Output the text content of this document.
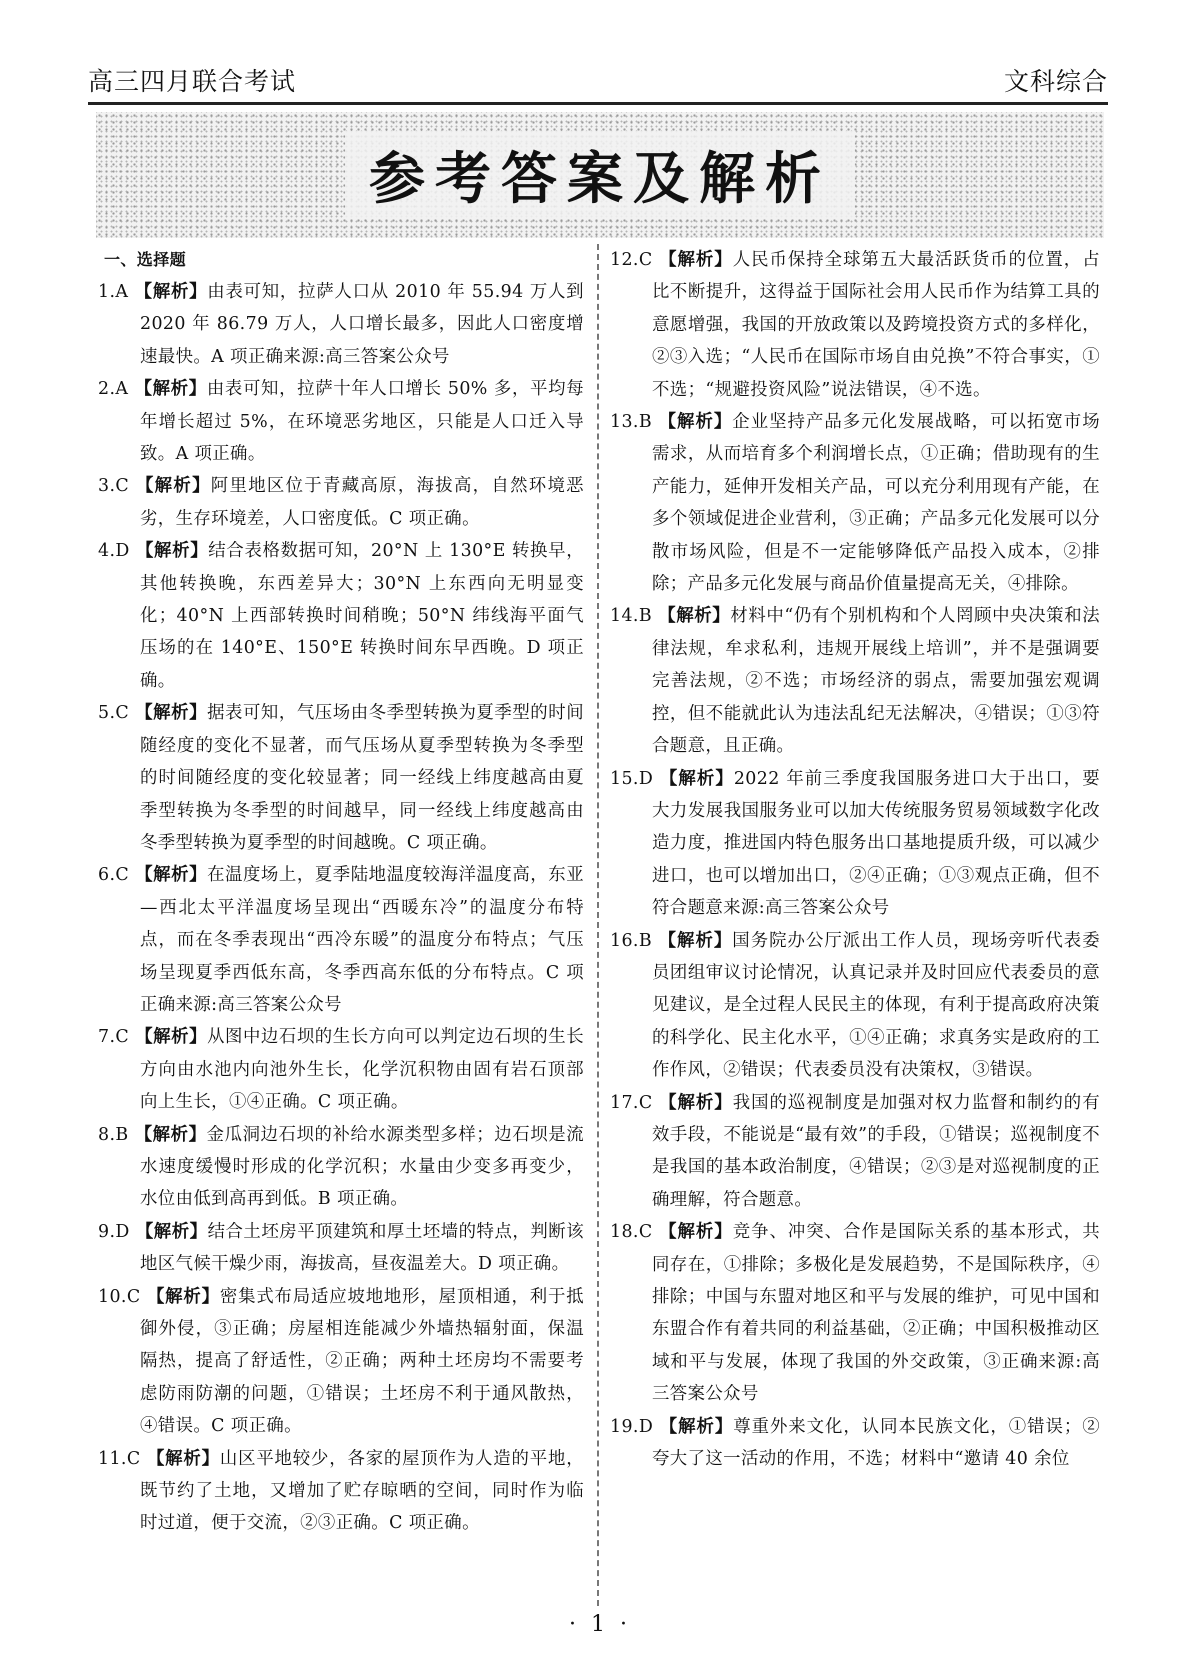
高三四月联合考试	文科综合
参考答案及解析
一、选择题

1.A 【解析】由表可知，拉萨人口从 2010 年 55.94 万人到 2020 年 86.79 万人，人口增长最多，因此人口密度增速最快。A 项正确来源:高三答案公众号

2.A 【解析】由表可知，拉萨十年人口增长 50% 多，平均每年增长超过 5%，在环境恶劣地区，只能是人口迁入导致。A 项正确。

3.C 【解析】阿里地区位于青藏高原，海拔高，自然环境恶劣，生存环境差，人口密度低。C 项正确。

4.D 【解析】结合表格数据可知，20°N 上 130°E 转换早，其他转换晚，东西差异大；30°N 上东西向无明显变化；40°N 上西部转换时间稍晚；50°N 纬线海平面气压场的在 140°E、150°E 转换时间东早西晚。D 项正确。

5.C 【解析】据表可知，气压场由冬季型转换为夏季型的时间随经度的变化不显著，而气压场从夏季型转换为冬季型的时间随经度的变化较显著；同一经线上纬度越高由夏季型转换为冬季型的时间越早，同一经线上纬度越高由冬季型转换为夏季型的时间越晚。C 项正确。

6.C 【解析】在温度场上，夏季陆地温度较海洋温度高，东亚—西北太平洋温度场呈现出“西暖东冷”的温度分布特点，而在冬季表现出“西冷东暖”的温度分布特点；气压场呈现夏季西低东高，冬季西高东低的分布特点。C 项正确来源:高三答案公众号

7.C 【解析】从图中边石坝的生长方向可以判定边石坝的生长方向由水池内向池外生长，化学沉积物由固有岩石顶部向上生长，①④正确。C 项正确。

8.B 【解析】金瓜洞边石坝的补给水源类型多样；边石坝是流水速度缓慢时形成的化学沉积；水量由少变多再变少，水位由低到高再到低。B 项正确。

9.D 【解析】结合土坯房平顶建筑和厚土坯墙的特点，判断该地区气候干燥少雨，海拔高，昼夜温差大。D 项正确。

10.C 【解析】密集式布局适应坡地地形，屋顶相通，利于抵御外侵，③正确；房屋相连能减少外墙热辐射面，保温隔热，提高了舒适性，②正确；两种土坯房均不需要考虑防雨防潮的问题，①错误；土坯房不利于通风散热，④错误。C 项正确。

11.C 【解析】山区平地较少，各家的屋顶作为人造的平地，既节约了土地，又增加了贮存晾晒的空间，同时作为临时过道，便于交流，②③正确。C 项正确。

12.C 【解析】人民币保持全球第五大最活跃货币的位置，占比不断提升，这得益于国际社会用人民币作为结算工具的意愿增强，我国的开放政策以及跨境投资方式的多样化，②③入选；“人民币在国际市场自由兑换”不符合事实，①不选；“规避投资风险”说法错误，④不选。

13.B 【解析】企业坚持产品多元化发展战略，可以拓宽市场需求，从而培育多个利润增长点，①正确；借助现有的生产能力，延伸开发相关产品，可以充分利用现有产能，在多个领域促进企业营利，③正确；产品多元化发展可以分散市场风险，但是不一定能够降低产品投入成本，②排除；产品多元化发展与商品价值量提高无关，④排除。

14.B 【解析】材料中“仍有个别机构和个人罔顾中央决策和法律法规，牟求私利，违规开展线上培训”，并不是强调要完善法规，②不选；市场经济的弱点，需要加强宏观调控，但不能就此认为违法乱纪无法解决，④错误；①③符合题意，且正确。

15.D 【解析】2022 年前三季度我国服务进口大于出口，要大力发展我国服务业可以加大传统服务贸易领域数字化改造力度，推进国内特色服务出口基地提质升级，可以减少进口，也可以增加出口，②④正确；①③观点正确，但不符合题意来源:高三答案公众号

16.B 【解析】国务院办公厅派出工作人员，现场旁听代表委员团组审议讨论情况，认真记录并及时回应代表委员的意见建议，是全过程人民民主的体现，有利于提高政府决策的科学化、民主化水平，①④正确；求真务实是政府的工作作风，②错误；代表委员没有决策权，③错误。

17.C 【解析】我国的巡视制度是加强对权力监督和制约的有效手段，不能说是“最有效”的手段，①错误；巡视制度不是我国的基本政治制度，④错误；②③是对巡视制度的正确理解，符合题意。

18.C 【解析】竞争、冲突、合作是国际关系的基本形式，共同存在，①排除；多极化是发展趋势，不是国际秩序，④排除；中国与东盟对地区和平与发展的维护，可见中国和东盟合作有着共同的利益基础，②正确；中国积极推动区域和平与发展，体现了我国的外交政策，③正确来源:高三答案公众号

19.D 【解析】尊重外来文化，认同本民族文化，①错误；②夸大了这一活动的作用，不选；材料中“邀请 40 余位

· 1 ·
